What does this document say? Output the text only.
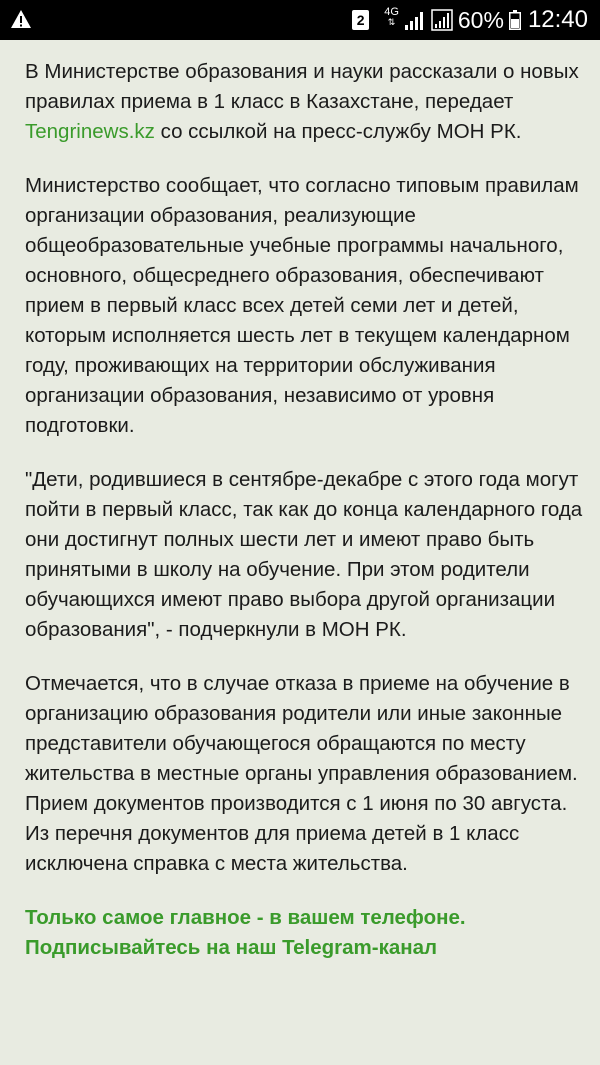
2 4G
⇅	60% 12:40

В Министерстве образования и науки рассказали о новых правилах приема в 1 класс в Казахстане, передает Tengrinews.kz со ссылкой на пресс-службу МОН РК.

Министерство сообщает, что согласно типовым правилам организации образования, реализующие общеобразовательные учебные программы начального, основного, общесреднего образования, обеспечивают прием в первый класс всех детей семи лет и детей, которым исполняется шесть лет в текущем календарном году, проживающих на территории обслуживания организации образования, независимо от уровня подготовки.

"Дети, родившиеся в сентябре-декабре с этого года могут пойти в первый класс, так как до конца календарного года они достигнут полных шести лет и имеют право быть принятыми в школу на обучение. При этом родители обучающихся имеют право выбора другой организации образования", - подчеркнули в МОН РК.

Отмечается, что в случае отказа в приеме на обучение в организацию образования родители или иные законные представители обучающегося обращаются по месту жительства в местные органы управления образованием. Прием документов производится с 1 июня по 30 августа. Из перечня документов для приема детей в 1 класс исключена справка с места жительства.

Только самое главное - в вашем телефоне. Подписывайтесь на наш Telegram-канал
